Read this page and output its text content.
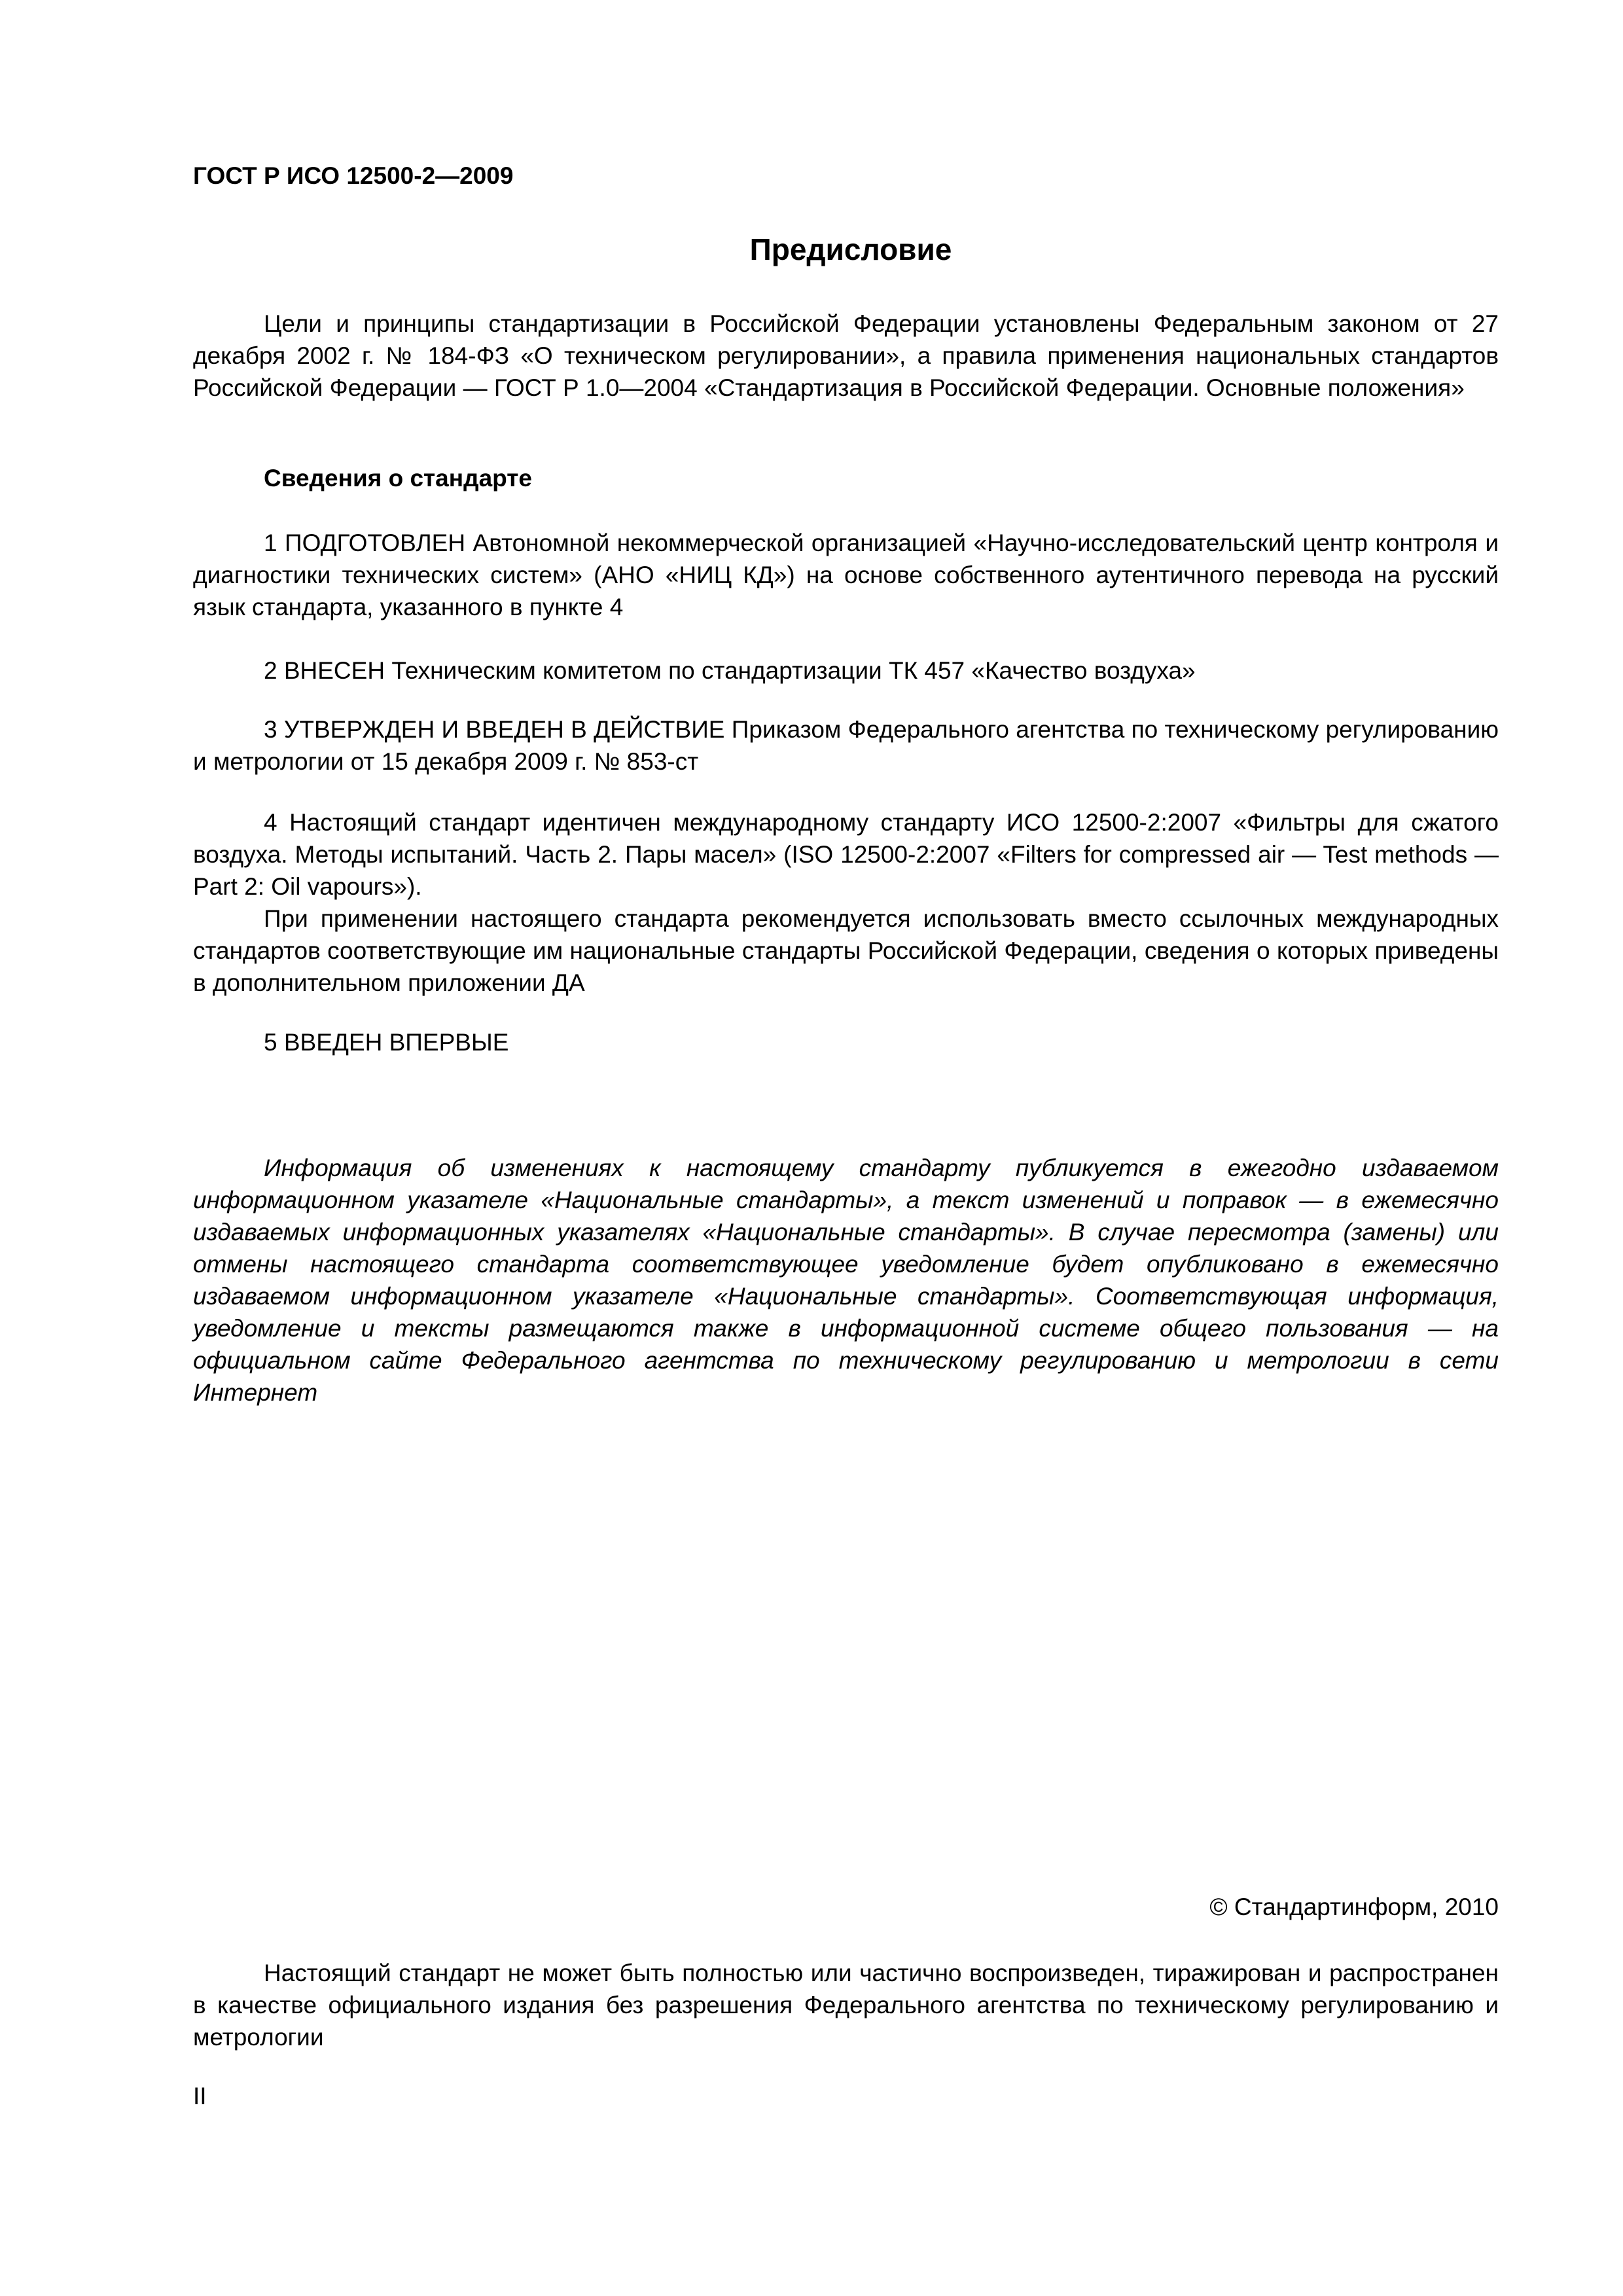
ГОСТ Р ИСО 12500-2—2009
Предисловие

Цели и принципы стандартизации в Российской Федерации установлены Федеральным законом от 27 декабря 2002 г. № 184-ФЗ «О техническом регулировании», а правила применения национальных стандартов Российской Федерации — ГОСТ Р 1.0—2004 «Стандартизация в Российской Федерации. Основные положения»

Сведения о стандарте

1 ПОДГОТОВЛЕН Автономной некоммерческой организацией «Научно-исследовательский центр контроля и диагностики технических систем» (АНО «НИЦ КД») на основе собственного аутентичного перевода на русский язык стандарта, указанного в пункте 4

2 ВНЕСЕН Техническим комитетом по стандартизации ТК 457 «Качество воздуха»

3 УТВЕРЖДЕН И ВВЕДЕН В ДЕЙСТВИЕ Приказом Федерального агентства по техническому регулированию и метрологии от 15 декабря 2009 г. № 853-ст

4 Настоящий стандарт идентичен международному стандарту ИСО 12500-2:2007 «Фильтры для сжатого воздуха. Методы испытаний. Часть 2. Пары масел» (ISO 12500-2:2007 «Filters for compressed air — Test methods — Part 2: Oil vapours»).

При применении настоящего стандарта рекомендуется использовать вместо ссылочных международных стандартов соответствующие им национальные стандарты Российской Федерации, сведения о которых приведены в дополнительном приложении ДА

5 ВВЕДЕН ВПЕРВЫЕ

Информация об изменениях к настоящему стандарту публикуется в ежегодно издаваемом информационном указателе «Национальные стандарты», а текст изменений и поправок — в ежемесячно издаваемых информационных указателях «Национальные стандарты». В случае пересмотра (замены) или отмены настоящего стандарта соответствующее уведомление будет опубликовано в ежемесячно издаваемом информационном указателе «Национальные стандарты». Соответствующая информация, уведомление и тексты размещаются также в информационной системе общего пользования — на официальном сайте Федерального агентства по техническому регулированию и метрологии в сети Интернет

© Стандартинформ, 2010

Настоящий стандарт не может быть полностью или частично воспроизведен, тиражирован и распространен в качестве официального издания без разрешения Федерального агентства по техническому регулированию и метрологии

II
